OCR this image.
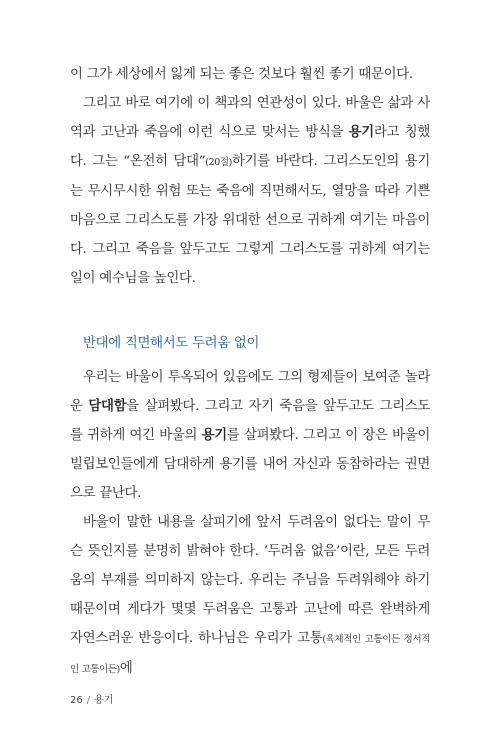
이 그가 세상에서 잃게 되는 좋은 것보다 훨씬 좋기 때문이다.

그리고 바로 여기에 이 책과의 연관성이 있다. 바울은 삶과 사역과 고난과 죽음에 이런 식으로 맞서는 방식을 용기라고 칭했다. 그는 “온전히 담대”(20절)하기를 바란다. 그리스도인의 용기는 무시무시한 위험 또는 죽음에 직면해서도, 열망을 따라 기쁜 마음으로 그리스도를 가장 위대한 선으로 귀하게 여기는 마음이다. 그리고 죽음을 앞두고도 그렇게 그리스도를 귀하게 여기는 일이 예수님을 높인다.

반대에 직면해서도 두려움 없이

우리는 바울이 투옥되어 있음에도 그의 형제들이 보여준 놀라운 담대함을 살펴봤다. 그리고 자기 죽음을 앞두고도 그리스도를 귀하게 여긴 바울의 용기를 살펴봤다. 그리고 이 장은 바울이 빌립보인들에게 담대하게 용기를 내어 자신과 동참하라는 권면으로 끝난다.

바울이 말한 내용을 살피기에 앞서 두려움이 없다는 말이 무슨 뜻인지를 분명히 밝혀야 한다. ‘두려움 없음’이란, 모든 두려움의 부재를 의미하지 않는다. 우리는 주님을 두려워해야 하기 때문이며 게다가 몇몇 두려움은 고통과 고난에 따른 완벽하게 자연스러운 반응이다. 하나님은 우리가 고통(육체적인 고통이든 정서적인 고통이든)에

26 / 용기
